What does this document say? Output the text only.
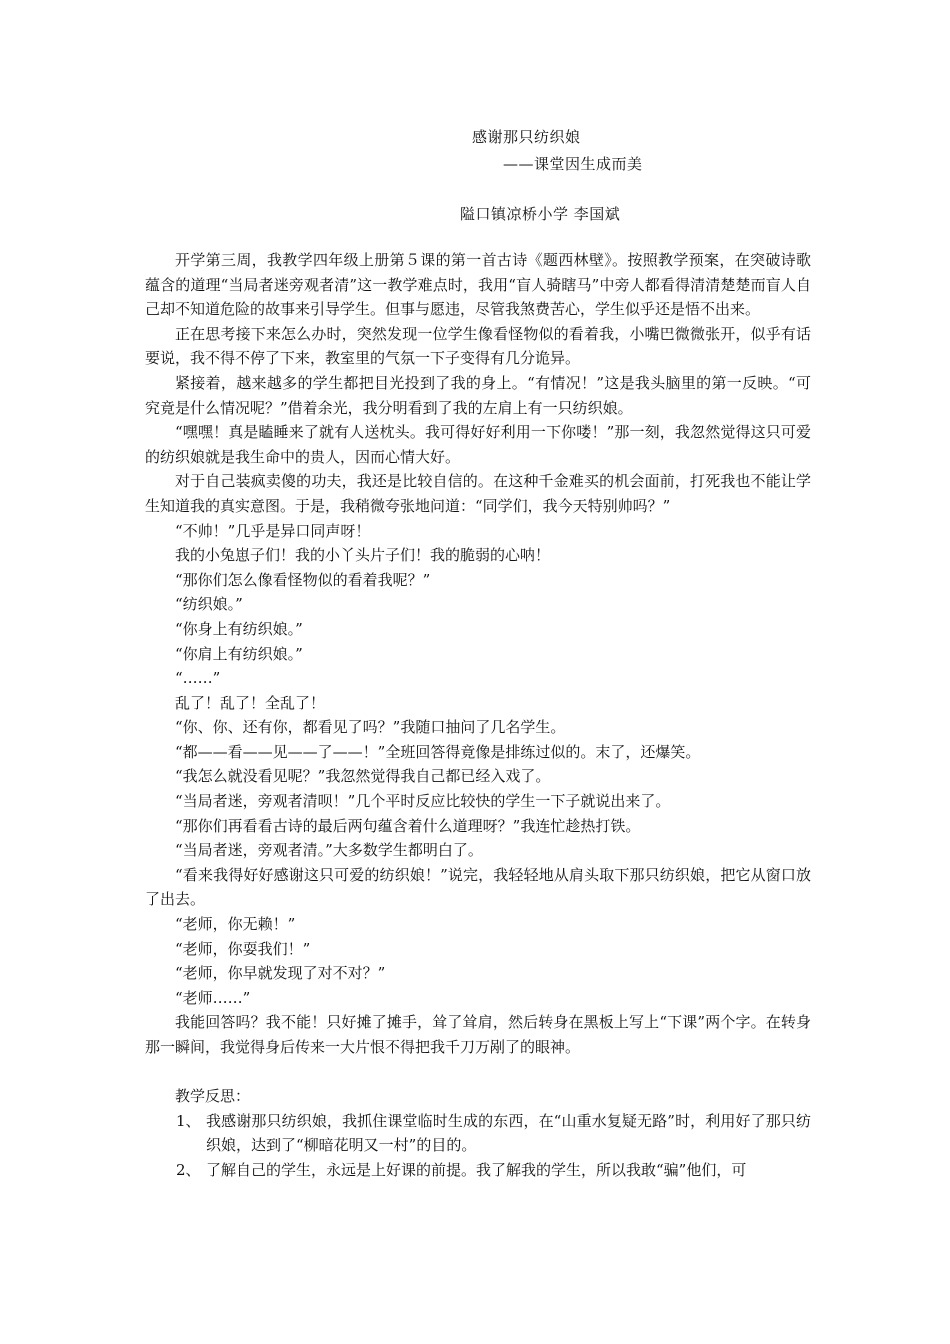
感谢那只纺织娘
——课堂因生成而美
隘口镇凉桥小学 李国斌

开学第三周，我教学四年级上册第５课的第一首古诗《题西林壁》。按照教学预案，在突破诗歌蕴含的道理“当局者迷旁观者清”这一教学难点时，我用“盲人骑瞎马”中旁人都看得清清楚楚而盲人自己却不知道危险的故事来引导学生。但事与愿违，尽管我煞费苦心，学生似乎还是悟不出来。

正在思考接下来怎么办时，突然发现一位学生像看怪物似的看着我，小嘴巴微微张开，似乎有话要说，我不得不停了下来，教室里的气氛一下子变得有几分诡异。

紧接着，越来越多的学生都把目光投到了我的身上。“有情况！”这是我头脑里的第一反映。“可究竟是什么情况呢？”借着余光，我分明看到了我的左肩上有一只纺织娘。

“嘿嘿！真是瞌睡来了就有人送枕头。我可得好好利用一下你喽！”那一刻，我忽然觉得这只可爱的纺织娘就是我生命中的贵人，因而心情大好。

对于自己装疯卖傻的功夫，我还是比较自信的。在这种千金难买的机会面前，打死我也不能让学生知道我的真实意图。于是，我稍微夸张地问道：“同学们，我今天特别帅吗？”

“不帅！”几乎是异口同声呀！

我的小兔崽子们！我的小丫头片子们！我的脆弱的心呐！

“那你们怎么像看怪物似的看着我呢？”

“纺织娘。”

“你身上有纺织娘。”

“你肩上有纺织娘。”

“……”

乱了！乱了！全乱了！

“你、你、还有你，都看见了吗？”我随口抽问了几名学生。

“都——看——见——了——！”全班回答得竟像是排练过似的。末了，还爆笑。

“我怎么就没看见呢？”我忽然觉得我自己都已经入戏了。

“当局者迷，旁观者清呗！”几个平时反应比较快的学生一下子就说出来了。

“那你们再看看古诗的最后两句蕴含着什么道理呀？”我连忙趁热打铁。

“当局者迷，旁观者清。”大多数学生都明白了。

“看来我得好好感谢这只可爱的纺织娘！”说完，我轻轻地从肩头取下那只纺织娘，把它从窗口放了出去。

“老师，你无赖！”

“老师，你耍我们！”

“老师，你早就发现了对不对？”

“老师……”

我能回答吗？我不能！只好摊了摊手，耸了耸肩，然后转身在黑板上写上“下课”两个字。在转身那一瞬间，我觉得身后传来一大片恨不得把我千刀万剐了的眼神。

教学反思：

1、 我感谢那只纺织娘，我抓住课堂临时生成的东西，在“山重水复疑无路”时，利用好了那只纺织娘，达到了“柳暗花明又一村”的目的。
2、 了解自己的学生，永远是上好课的前提。我了解我的学生，所以我敢“骗”他们，可
